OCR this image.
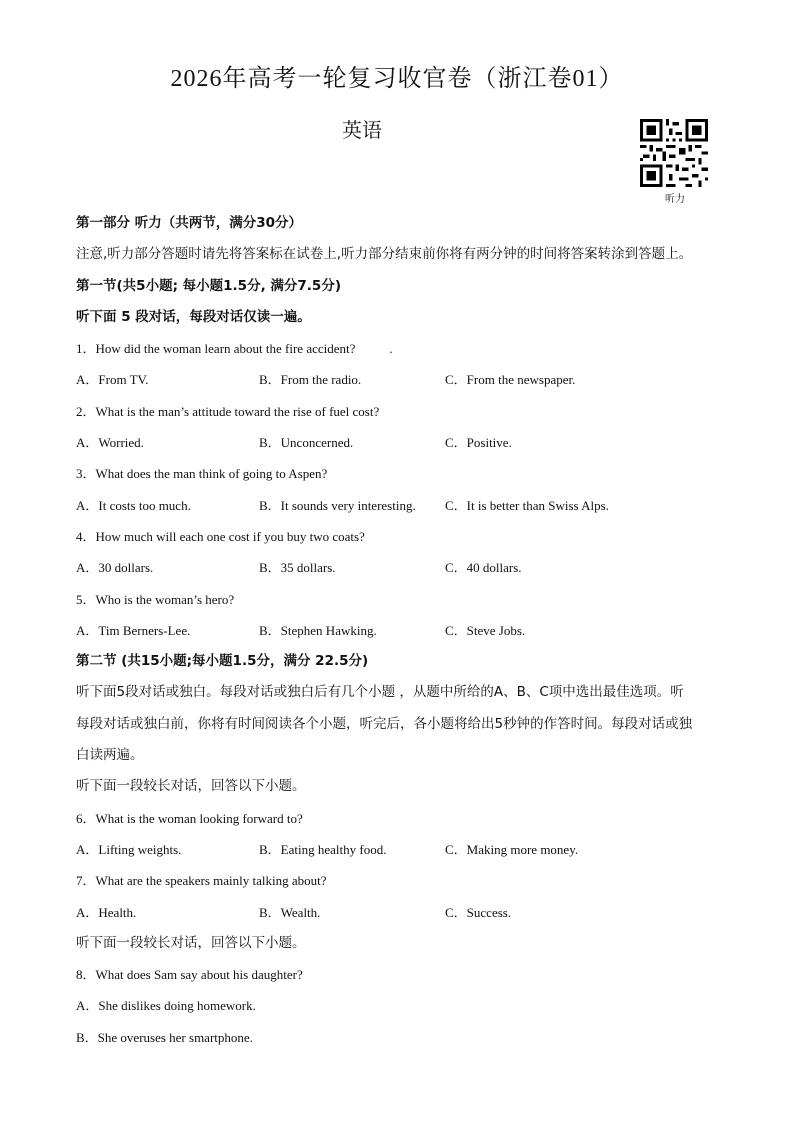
2026年高考一轮复习收官卷（浙江卷01）
英语
听力
第一部分 听力（共两节，满分30分）
注意,听力部分答题时请先将答案标在试卷上,听力部分结束前你将有两分钟的时间将答案转涂到答题上。
第一节(共5小题; 每小题1.5分, 满分7.5分)
听下面 5 段对话，每段对话仅读一遍。
1．How did the woman learn about the fire accident?	.
A．From TV.	B．From the radio.	C．From the newspaper.
2．What is the man’s attitude toward the rise of fuel cost?
A．Worried.	B．Unconcerned.	C．Positive.
3．What does the man think of going to Aspen?
A．It costs too much.	B．It sounds very interesting.	C．It is better than Swiss Alps.
4．How much will each one cost if you buy two coats?
A．30 dollars.	B．35 dollars.	C．40 dollars.
5．Who is the woman’s hero?
A．Tim Berners-Lee.	B．Stephen Hawking.	C．Steve Jobs.
第二节 (共15小题;每小题1.5分，满分 22.5分)
听下面5段对话或独白。每段对话或独白后有几个小题 ，从题中所给的A、B、C项中选出最佳选项。听
每段对话或独白前，你将有时间阅读各个小题，听完后，各小题将给出5秒钟的作答时间。每段对话或独
白读两遍。
听下面一段较长对话，回答以下小题。
6．What is the woman looking forward to?
A．Lifting weights.	B．Eating healthy food.	C．Making more money.
7．What are the speakers mainly talking about?
A．Health.	B．Wealth.	C．Success.
听下面一段较长对话，回答以下小题。
8．What does Sam say about his daughter?
A．She dislikes doing homework.
B．She overuses her smartphone.
